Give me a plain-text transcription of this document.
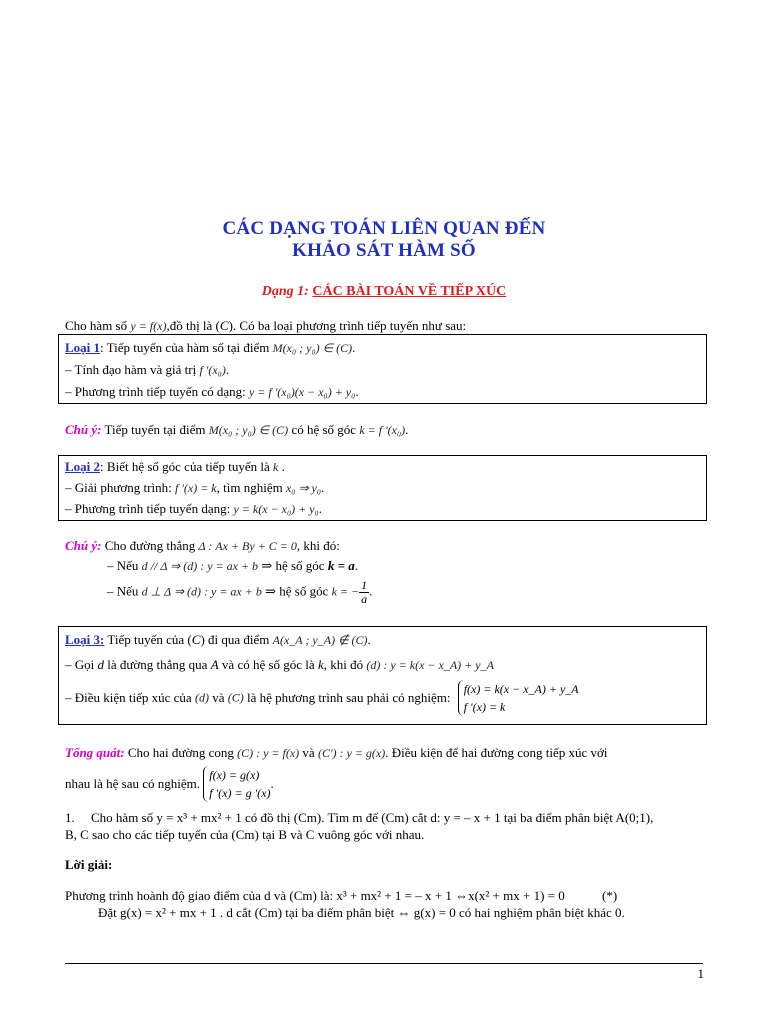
CÁC DẠNG TOÁN LIÊN QUAN ĐẾN
KHẢO SÁT HÀM SỐ
Dạng 1: CÁC BÀI TOÁN VỀ TIẾP XÚC
Cho hàm số y = f(x),đồ thị là (C). Có ba loại phương trình tiếp tuyến như sau:
Loại 1: Tiếp tuyến của hàm số tại điểm M(x₀ ; y₀) ∈ (C).
– Tính đạo hàm và giá trị f '(x₀).
– Phương trình tiếp tuyến có dạng: y = f '(x₀)(x − x₀) + y₀.
Chú ý: Tiếp tuyến tại điểm M(x₀ ; y₀) ∈ (C) có hệ số góc k = f '(x₀).
Loại 2: Biết hệ số góc của tiếp tuyến là k .
– Giải phương trình: f '(x) = k, tìm nghiệm x₀ ⇒ y₀.
– Phương trình tiếp tuyến dạng: y = k(x − x₀) + y₀.
Chú ý: Cho đường thẳng Δ : Ax + By + C = 0, khi đó:
– Nếu d // Δ ⇒ (d) : y = ax + b ⇒ hệ số góc k = a.
– Nếu d ⊥ Δ ⇒ (d) : y = ax + b ⇒ hệ số góc k = − $\frac{1}{a}$ .
Loại 3: Tiếp tuyến của (C) đi qua điểm A(x_A ; y_A) ∉ (C).
– Gọi d là đường thẳng qua A và có hệ số góc là k, khi đó (d) : y = k(x − x_A) + y_A
– Điều kiện tiếp xúc của (d) và (C) là hệ phương trình sau phải có nghiệm:
f(x) = k(x − x_A) + y_A
f '(x) = k
Tổng quát: Cho hai đường cong (C) : y = f(x) và (C') : y = g(x). Điều kiện để hai đường cong tiếp xúc với
nhau là hệ sau có nghiệm.
f(x) = g(x)
f '(x) = g '(x)
.
1. Cho hàm số y = x³ + mx² + 1 có đồ thị (Cm). Tìm m để (Cm) cắt d: y = – x + 1 tại ba điểm phân biệt A(0;1),
B, C sao cho các tiếp tuyến của (Cm) tại B và C vuông góc với nhau.
Lời giải:
Phương trình hoành độ giao điểm của d và (Cm) là: x³ + mx² + 1 = – x + 1 ⇔x(x² + mx + 1) = 0	(*)
Đặt g(x) = x² + mx + 1 . d cắt (Cm) tại ba điểm phân biệt ⇔ g(x) = 0 có hai nghiệm phân biệt khác 0.
1
